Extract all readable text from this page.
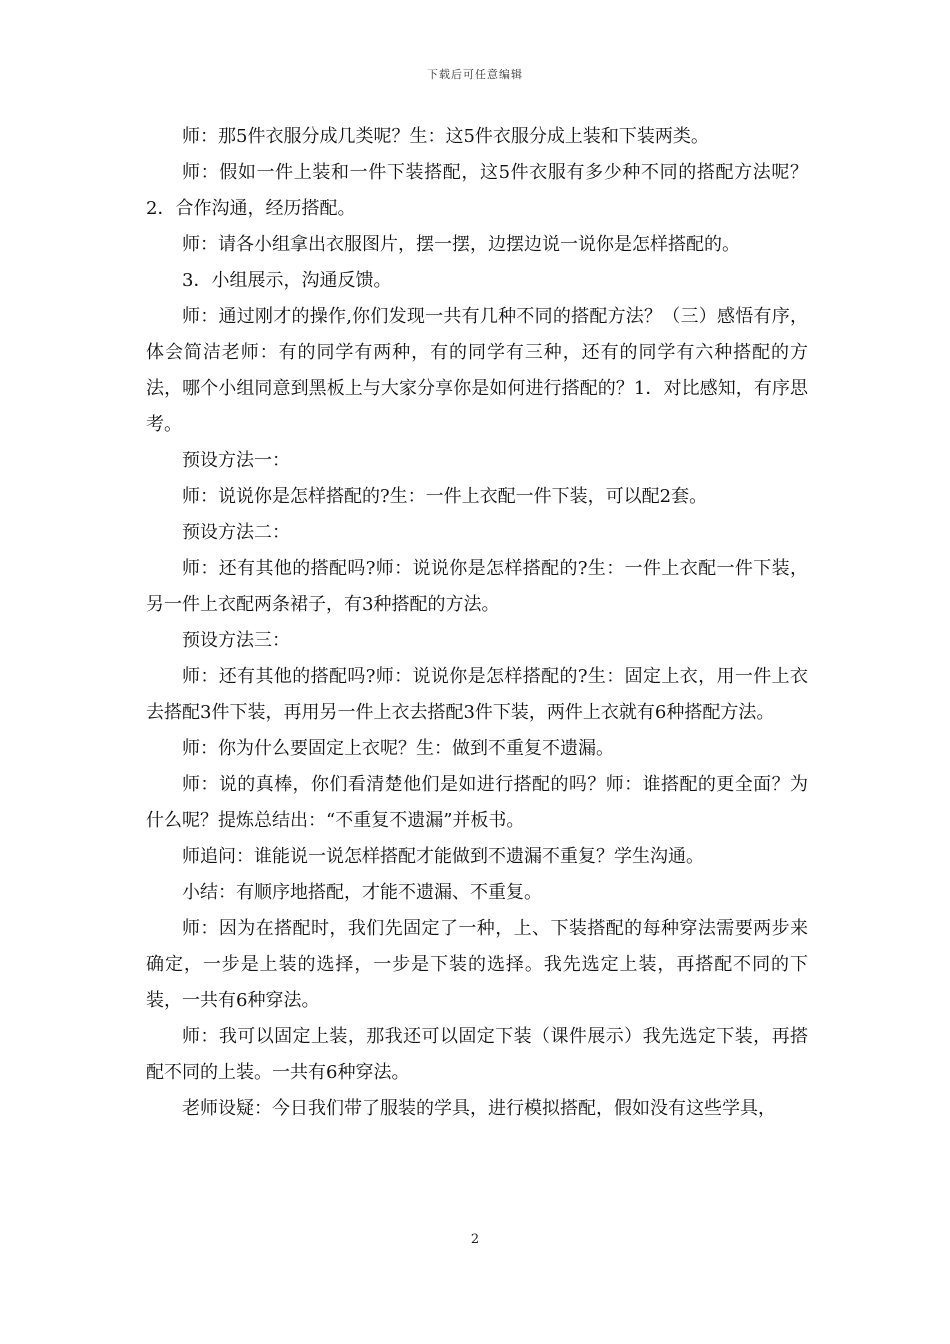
下载后可任意编辑

师：那5件衣服分成几类呢？生：这5件衣服分成上装和下装两类。

师：假如一件上装和一件下装搭配，这5件衣服有多少种不同的搭配方法呢？2．合作沟通，经历搭配。

师：请各小组拿出衣服图片，摆一摆，边摆边说一说你是怎样搭配的。

3．小组展示，沟通反馈。

师：通过刚才的操作,你们发现一共有几种不同的搭配方法？（三）感悟有序，体会简洁老师：有的同学有两种，有的同学有三种，还有的同学有六种搭配的方法，哪个小组同意到黑板上与大家分享你是如何进行搭配的？1．对比感知，有序思考。

预设方法一：

师：说说你是怎样搭配的?生：一件上衣配一件下装，可以配2套。

预设方法二：

师：还有其他的搭配吗?师：说说你是怎样搭配的?生：一件上衣配一件下装，另一件上衣配两条裙子，有3种搭配的方法。

预设方法三：

师：还有其他的搭配吗?师：说说你是怎样搭配的?生：固定上衣，用一件上衣去搭配3件下装，再用另一件上衣去搭配3件下装，两件上衣就有6种搭配方法。

师：你为什么要固定上衣呢？生：做到不重复不遗漏。

师：说的真棒，你们看清楚他们是如进行搭配的吗？师：谁搭配的更全面？为什么呢？提炼总结出：“不重复不遗漏”并板书。

师追问：谁能说一说怎样搭配才能做到不遗漏不重复？学生沟通。

小结：有顺序地搭配，才能不遗漏、不重复。

师：因为在搭配时，我们先固定了一种，上、下装搭配的每种穿法需要两步来确定，一步是上装的选择，一步是下装的选择。我先选定上装，再搭配不同的下装，一共有6种穿法。

师：我可以固定上装，那我还可以固定下装（课件展示）我先选定下装，再搭配不同的上装。一共有6种穿法。

老师设疑：今日我们带了服装的学具，进行模拟搭配，假如没有这些学具，

2
